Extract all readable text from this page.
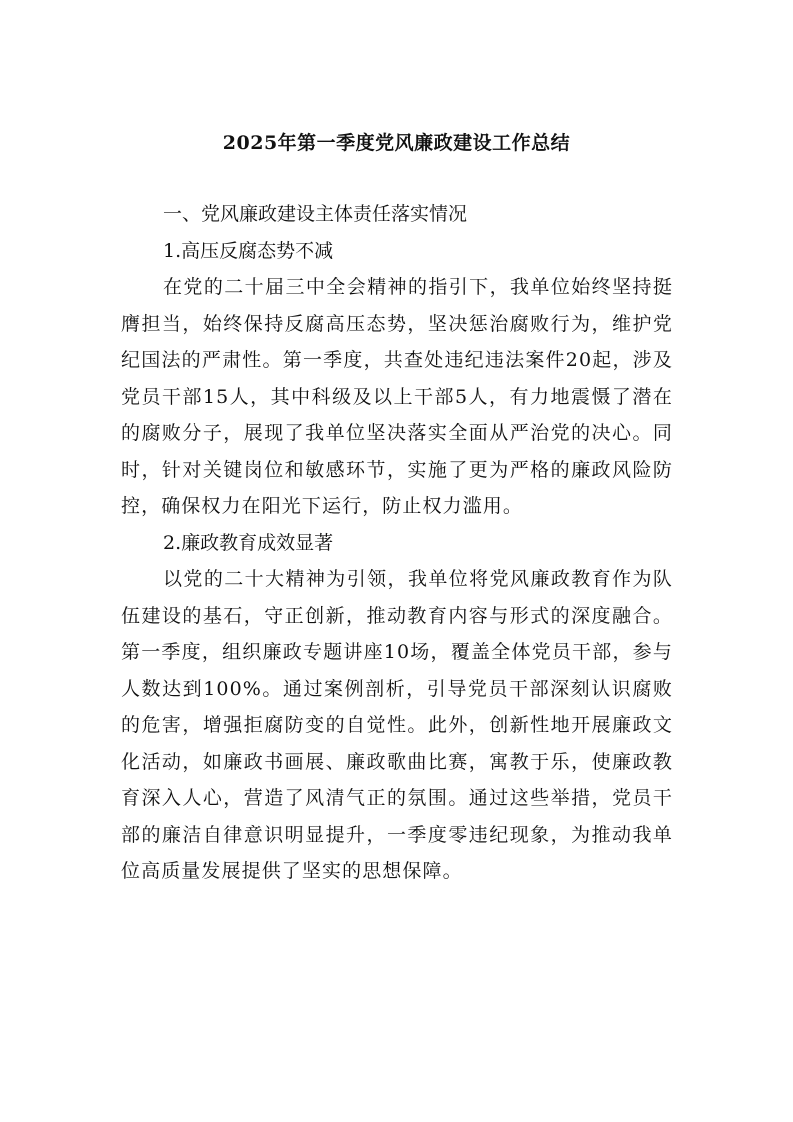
2025年第一季度党风廉政建设工作总结

一、党风廉政建设主体责任落实情况

1.高压反腐态势不减

在党的二十届三中全会精神的指引下，我单位始终坚持挺膺担当，始终保持反腐高压态势，坚决惩治腐败行为，维护党纪国法的严肃性。第一季度，共查处违纪违法案件20起，涉及党员干部15人，其中科级及以上干部5人，有力地震慑了潜在的腐败分子，展现了我单位坚决落实全面从严治党的决心。同时，针对关键岗位和敏感环节，实施了更为严格的廉政风险防控，确保权力在阳光下运行，防止权力滥用。

2.廉政教育成效显著

以党的二十大精神为引领，我单位将党风廉政教育作为队伍建设的基石，守正创新，推动教育内容与形式的深度融合。第一季度，组织廉政专题讲座10场，覆盖全体党员干部，参与人数达到100%。通过案例剖析，引导党员干部深刻认识腐败的危害，增强拒腐防变的自觉性。此外，创新性地开展廉政文化活动，如廉政书画展、廉政歌曲比赛，寓教于乐，使廉政教育深入人心，营造了风清气正的氛围。通过这些举措，党员干部的廉洁自律意识明显提升，一季度零违纪现象，为推动我单位高质量发展提供了坚实的思想保障。
